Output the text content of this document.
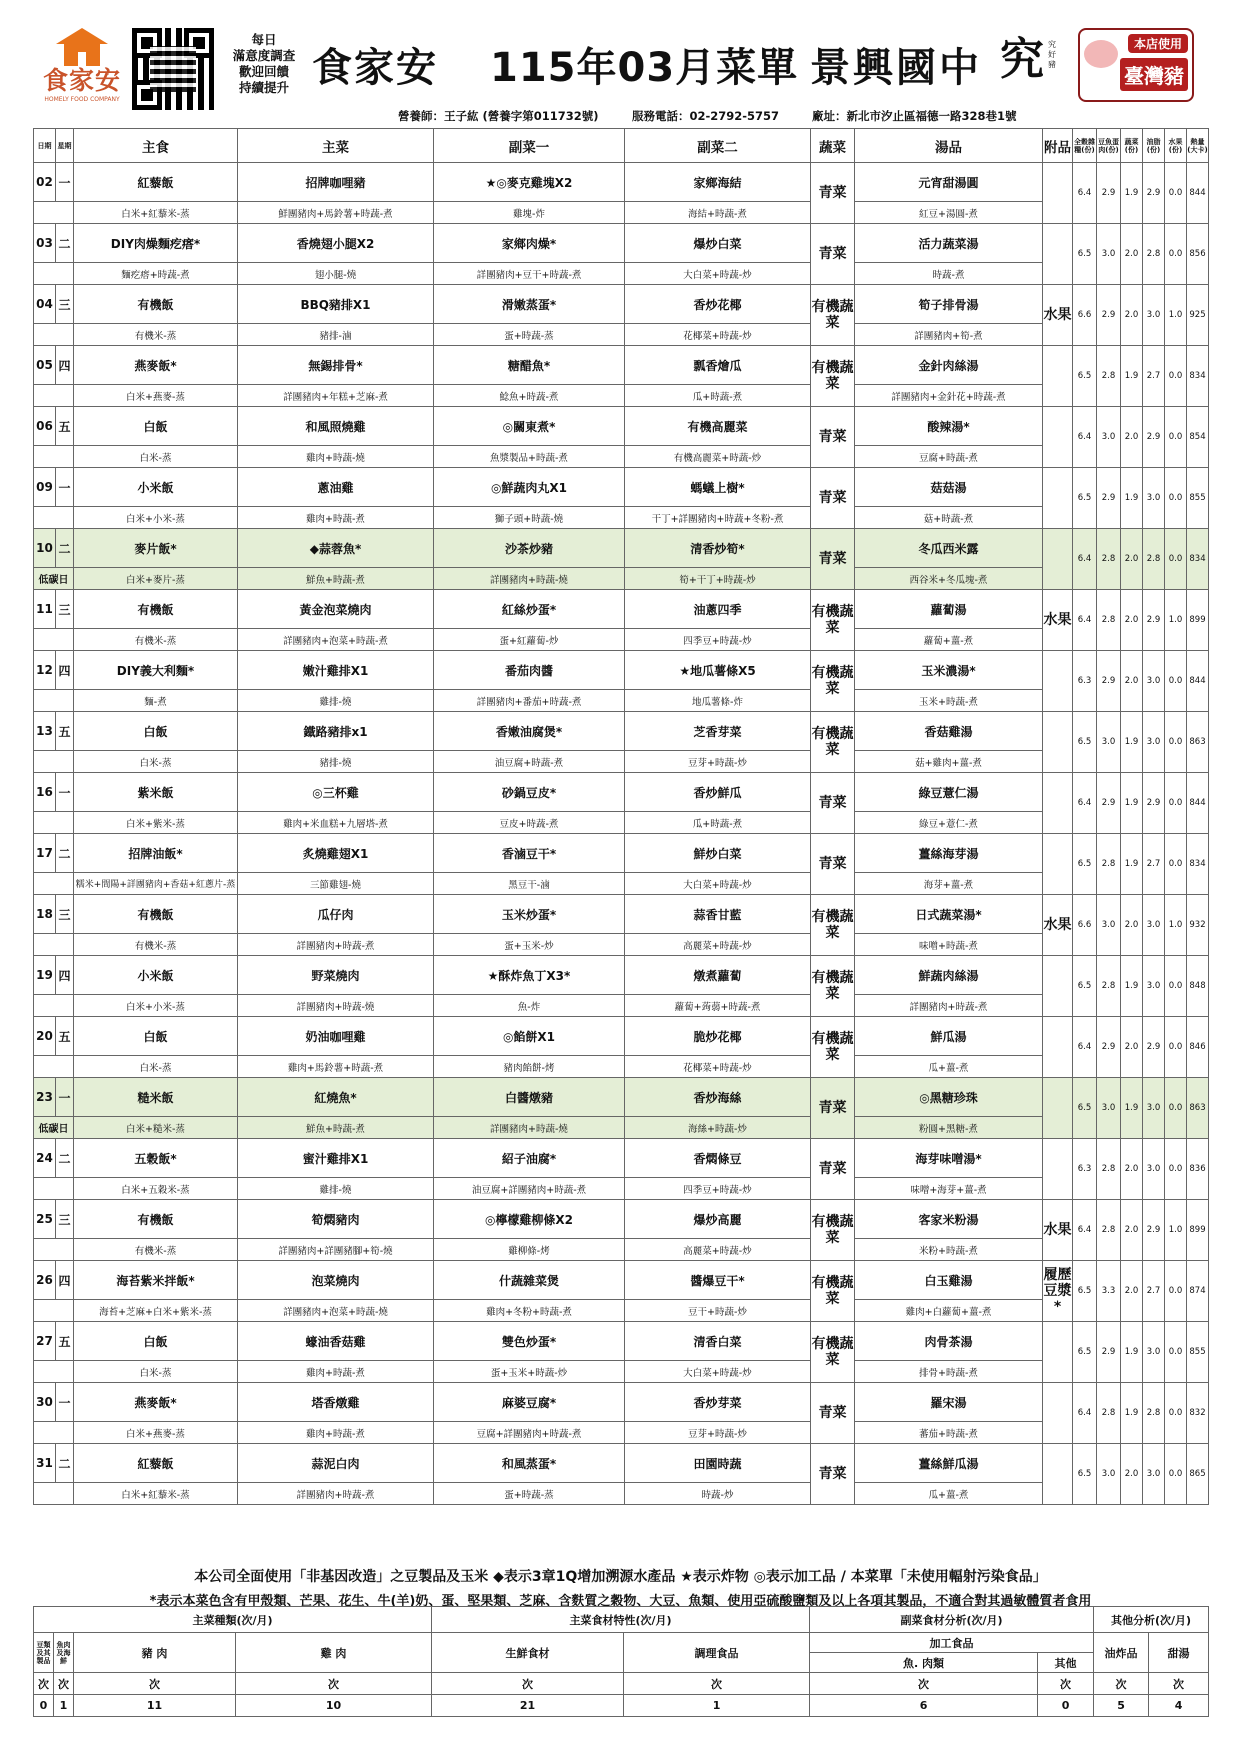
食家安
HOMELY FOOD COMPANY
每日
滿意度調查
歡迎回饋
持續提升 食家安 115年03月菜單 景興國中 究 究好豬
本店使用
臺灣豬
營養師：王子紘 (營養字第011732號)	服務電話：02-2792-5757	廠址：新北市汐止區福德一路328巷1號
日期	星期	主食	主菜	副菜一	副菜二	蔬菜	湯品	附品	全穀雜糧(份)	豆魚蛋肉(份)	蔬菜(份)	油脂(份)	水果(份)	熱量(大卡)
02	一	紅藜飯	招牌咖哩豬	★◎麥克雞塊X2	家鄉海結	青菜	元宵甜湯圓		6.4	2.9	1.9	2.9	0.0	844
		白米+紅藜米-蒸	鮮團豬肉+馬鈴薯+時蔬-煮	雞塊-炸	海結+時蔬-煮		紅豆+湯圓-煮							
03	二	DIY肉燥麵疙瘩*	香燒翅小腿X2	家鄉肉燥*	爆炒白菜	青菜	活力蔬菜湯		6.5	3.0	2.0	2.8	0.0	856
		麵疙瘩+時蔬-煮	翅小腿-燒	詳團豬肉+豆干+時蔬-煮	大白菜+時蔬-炒		時蔬-煮							
04	三	有機飯	BBQ豬排X1	滑嫩蒸蛋*	香炒花椰	有機蔬菜	筍子排骨湯	水果	6.6	2.9	2.0	3.0	1.0	925
		有機米-蒸	豬排-滷	蛋+時蔬-蒸	花椰菜+時蔬-炒		詳團豬肉+筍-煮							
05	四	燕麥飯*	無錫排骨*	糖醋魚*	瓢香燴瓜	有機蔬菜	金針肉絲湯		6.5	2.8	1.9	2.7	0.0	834
		白米+燕麥-蒸	詳團豬肉+年糕+芝麻-煮	鯰魚+時蔬-煮	瓜+時蔬-煮		詳團豬肉+金針花+時蔬-煮							
06	五	白飯	和風照燒雞	◎關東煮*	有機高麗菜	青菜	酸辣湯*		6.4	3.0	2.0	2.9	0.0	854
		白米-蒸	雞肉+時蔬-燒	魚漿製品+時蔬-煮	有機高麗菜+時蔬-炒		豆腐+時蔬-煮							
09	一	小米飯	蔥油雞	◎鮮蔬肉丸X1	螞蟻上樹*	青菜	菇菇湯		6.5	2.9	1.9	3.0	0.0	855
		白米+小米-蒸	雞肉+時蔬-煮	獅子頭+時蔬-燒	干丁+詳團豬肉+時蔬+冬粉-煮		菇+時蔬-煮							
10	二	麥片飯*	◆蒜蓉魚*	沙茶炒豬	清香炒筍*	青菜	冬瓜西米露		6.4	2.8	2.0	2.8	0.0	834
低碳日		白米+麥片-蒸	鮮魚+時蔬-煮	詳團豬肉+時蔬-燒	筍+干丁+時蔬-炒		西谷米+冬瓜塊-煮							
11	三	有機飯	黃金泡菜燒肉	紅絲炒蛋*	油蔥四季	有機蔬菜	蘿蔔湯	水果	6.4	2.8	2.0	2.9	1.0	899
		有機米-蒸	詳團豬肉+泡菜+時蔬-煮	蛋+紅蘿蔔-炒	四季豆+時蔬-炒		蘿蔔+薑-煮							
12	四	DIY義大利麵*	嫩汁雞排X1	番茄肉醬	★地瓜薯條X5	有機蔬菜	玉米濃湯*		6.3	2.9	2.0	3.0	0.0	844
		麵-煮	雞排-燒	詳團豬肉+番茄+時蔬-煮	地瓜薯條-炸		玉米+時蔬-煮							
13	五	白飯	鐵路豬排x1	香嫩油腐煲*	芝香芽菜	有機蔬菜	香菇雞湯		6.5	3.0	1.9	3.0	0.0	863
		白米-蒸	豬排-燒	油豆腐+時蔬-煮	豆芽+時蔬-炒		菇+雞肉+薑-煮							
16	一	紫米飯	◎三杯雞	砂鍋豆皮*	香炒鮮瓜	青菜	綠豆薏仁湯		6.4	2.9	1.9	2.9	0.0	844
		白米+紫米-蒸	雞肉+米血糕+九層塔-煮	豆皮+時蔬-煮	瓜+時蔬-煮		綠豆+薏仁-煮							
17	二	招牌油飯*	炙燒雞翅X1	香滷豆干*	鮮炒白菜	青菜	薑絲海芽湯		6.5	2.8	1.9	2.7	0.0	834
		糯米+間陽+詳團豬肉+香菇+紅蔥片-蒸	三節雞翅-燒	黑豆干-滷	大白菜+時蔬-炒		海芽+薑-煮							
18	三	有機飯	瓜仔肉	玉米炒蛋*	蒜香甘藍	有機蔬菜	日式蔬菜湯*	水果	6.6	3.0	2.0	3.0	1.0	932
		有機米-蒸	詳團豬肉+時蔬-煮	蛋+玉米-炒	高麗菜+時蔬-炒		味噌+時蔬-煮							
19	四	小米飯	野菜燒肉	★酥炸魚丁X3*	燉煮蘿蔔	有機蔬菜	鮮蔬肉絲湯		6.5	2.8	1.9	3.0	0.0	848
		白米+小米-蒸	詳團豬肉+時蔬-燒	魚-炸	蘿蔔+蒟蒻+時蔬-煮		詳團豬肉+時蔬-煮							
20	五	白飯	奶油咖哩雞	◎餡餅X1	脆炒花椰	有機蔬菜	鮮瓜湯		6.4	2.9	2.0	2.9	0.0	846
		白米-蒸	雞肉+馬鈴薯+時蔬-煮	豬肉餡餅-烤	花椰菜+時蔬-炒		瓜+薑-煮							
23	一	糙米飯	紅燒魚*	白醬燉豬	香炒海絲	青菜	◎黑糖珍珠		6.5	3.0	1.9	3.0	0.0	863
低碳日		白米+糙米-蒸	鮮魚+時蔬-煮	詳團豬肉+時蔬-燒	海絲+時蔬-炒		粉圓+黑糖-煮							
24	二	五穀飯*	蜜汁雞排X1	紹子油腐*	香燜條豆	青菜	海芽味噌湯*		6.3	2.8	2.0	3.0	0.0	836
		白米+五穀米-蒸	雞排-燒	油豆腐+詳團豬肉+時蔬-煮	四季豆+時蔬-炒		味噌+海芽+薑-煮							
25	三	有機飯	筍燜豬肉	◎檸檬雞柳條X2	爆炒高麗	有機蔬菜	客家米粉湯	水果	6.4	2.8	2.0	2.9	1.0	899
		有機米-蒸	詳團豬肉+詳團豬腳+筍-燒	雞柳條-烤	高麗菜+時蔬-炒		米粉+時蔬-煮							
26	四	海苔紫米拌飯*	泡菜燒肉	什蔬雜菜煲	醬爆豆干*	有機蔬菜	白玉雞湯	履歷豆漿*	6.5	3.3	2.0	2.7	0.0	874
		海苔+芝麻+白米+紫米-蒸	詳團豬肉+泡菜+時蔬-燒	雞肉+冬粉+時蔬-煮	豆干+時蔬-炒		雞肉+白蘿蔔+薑-煮							
27	五	白飯	蠔油香菇雞	雙色炒蛋*	清香白菜	有機蔬菜	肉骨茶湯		6.5	2.9	1.9	3.0	0.0	855
		白米-蒸	雞肉+時蔬-煮	蛋+玉米+時蔬-炒	大白菜+時蔬-炒		排骨+時蔬-煮							
30	一	燕麥飯*	塔香燉雞	麻婆豆腐*	香炒芽菜	青菜	羅宋湯		6.4	2.8	1.9	2.8	0.0	832
		白米+燕麥-蒸	雞肉+時蔬-煮	豆腐+詳團豬肉+時蔬-煮	豆芽+時蔬-炒		蕃茄+時蔬-煮							
31	二	紅藜飯	蒜泥白肉	和風蒸蛋*	田園時蔬	青菜	薑絲鮮瓜湯		6.5	3.0	2.0	3.0	0.0	865
		白米+紅藜米-蒸	詳團豬肉+時蔬-煮	蛋+時蔬-蒸	時蔬-炒		瓜+薑-煮							
本公司全面使用「非基因改造」之豆製品及玉米 ◆表示3章1Q增加溯源水產品 ★表示炸物 ◎表示加工品 / 本菜單「未使用輻射污染食品」
*表示本菜色含有甲殼類、芒果、花生、牛(羊)奶、蛋、堅果類、芝麻、含麩質之穀物、大豆、魚類、使用亞硫酸鹽類及以上各項其製品，不適合對其過敏體質者食用
主菜種類(次/月)				主菜食材特性(次/月)		副菜食材分析(次/月)		其他分析(次/月)	
豆類及其製品	魚肉及海鮮	豬 肉	雞 肉	生鮮食材	調理食品	加工食品		油炸品	甜湯
						魚. 肉類	其他		
次	次	次	次	次	次	次	次	次	次
0	1	11	10	21	1	6	0	5	4
